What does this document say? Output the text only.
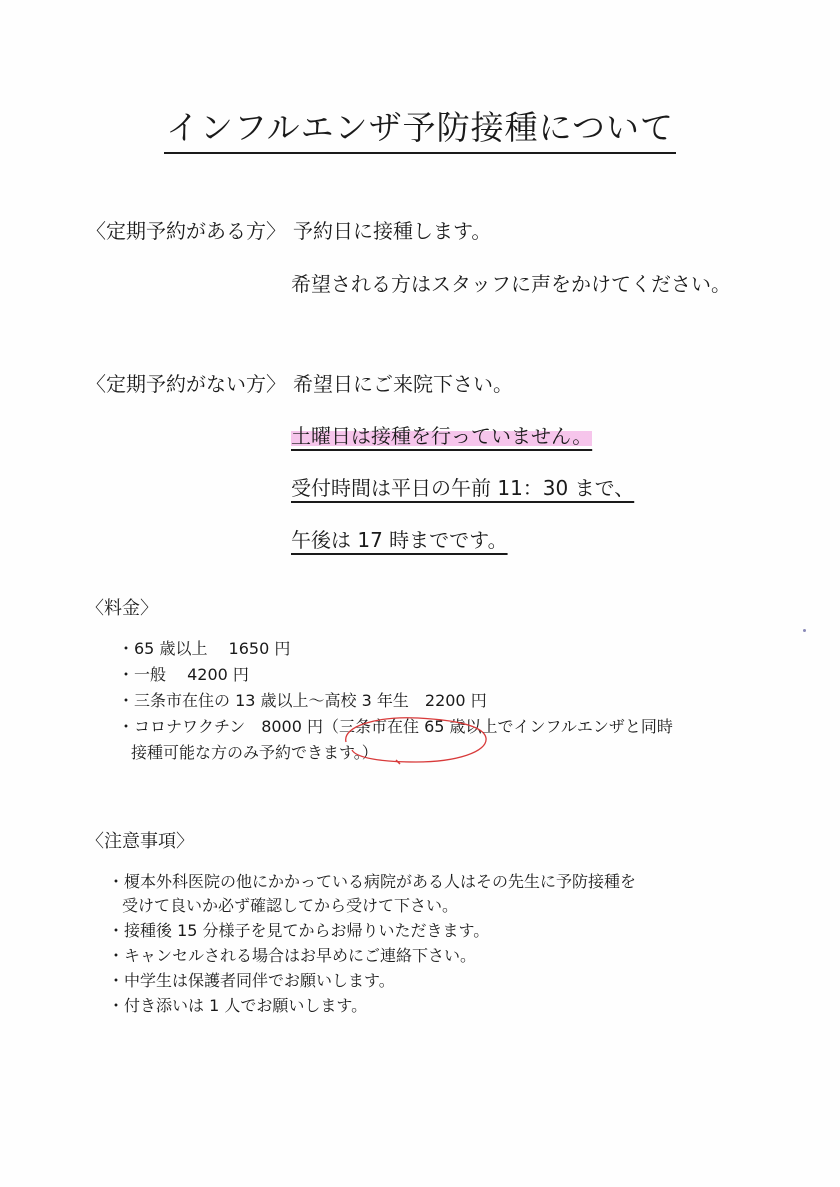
インフルエンザ予防接種について
〈定期予約がある方〉 予約日に接種します。
希望される方はスタッフに声をかけてください。
〈定期予約がない方〉 希望日にご来院下さい。
土曜日は接種を行っていません。
受付時間は平日の午前 11：30 まで、
午後は 17 時までです。
〈料金〉
・65 歳以上　 1650 円
・一般　 4200 円
・三条市在住の 13 歳以上～高校 3 年生　2200 円
・コロナワクチン　8000 円（三条市在住 65 歳以上でインフルエンザと同時
接種可能な方のみ予約できます。）
〈注意事項〉
・榎本外科医院の他にかかっている病院がある人はその先生に予防接種を
受けて良いか必ず確認してから受けて下さい。
・接種後 15 分様子を見てからお帰りいただきます。
・キャンセルされる場合はお早めにご連絡下さい。
・中学生は保護者同伴でお願いします。
・付き添いは 1 人でお願いします。
